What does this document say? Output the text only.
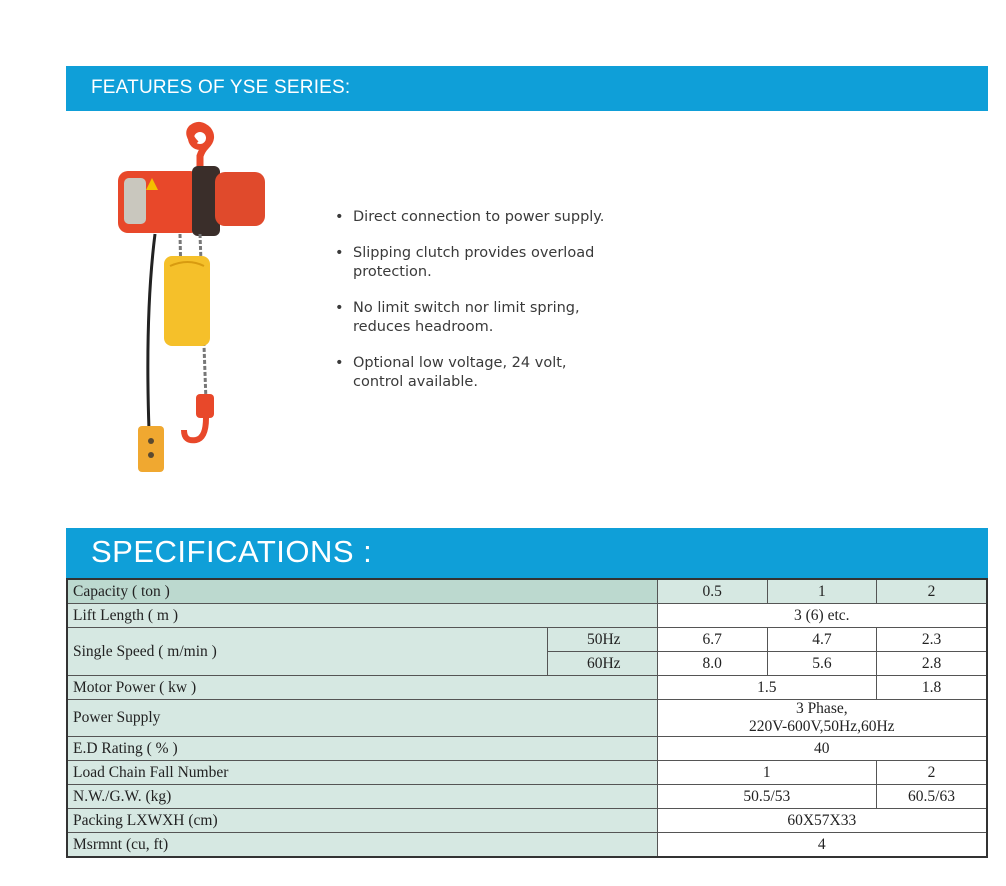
FEATURES OF YSE SERIES:
• Direct connection to power supply.
• Slipping clutch provides overload protection.
• No limit switch nor limit spring, reduces headroom.
• Optional low voltage, 24 volt, control available.
SPECIFICATIONS :
Capacity ( ton )		0.5	1	2
Lift Length ( m )		3 (6) etc.		
Single Speed ( m/min )	50Hz	6.7	4.7	2.3
	60Hz	8.0	5.6	2.8
Motor Power ( kw )		1.5		1.8
Power Supply		3 Phase,
220V-600V,50Hz,60Hz		

E.D Rating ( % )		40		
Load Chain Fall Number		1		2
N.W./G.W. (kg)		50.5/53		60.5/63
Packing LXWXH (cm)		60X57X33		
Msrmnt (cu, ft)		4		
